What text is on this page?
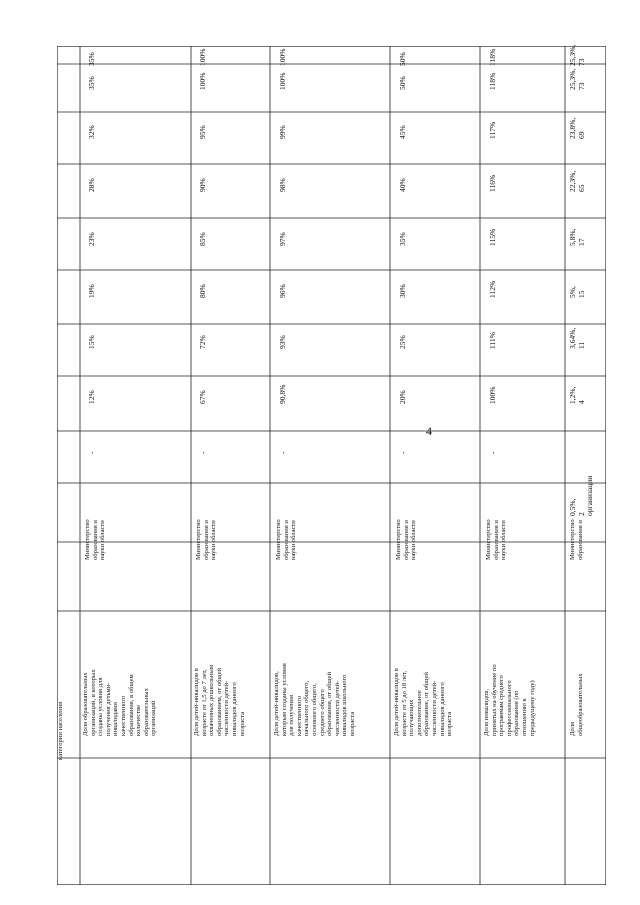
4
категории населения	Доля образовательных
организаций, в которых
созданы условия для
получения детьми-
инвалидами
качественного
образования, в общем
количестве
образовательных
организаций
Министерство
образования и
науки области
-
12%
15%
19%
23%
28%
32%
35%
35%
Доля детей-инвалидов в
возрасте от 1,5 до 7 лет,
охваченных дошкольным
образованием, от общей
численности детей-
инвалидов данного
возраста
Министерство
образования и
науки области
-
67%
72%
80%
85%
90%
95%
100%
100%
Доля детей-инвалидов,
которым созданы условия
для получения
качественного
начального общего,
основного общего,
среднего общего
образования, от общей
численности детей-
инвалидов школьного
возраста
Министерство
образования и
науки области
-
90,8%
93%
96%
97%
98%
99%
100%
100%
Доля детей-инвалидов в
возрасте от 5 до 18 лет,
получающих
дополнительное
образование, от общей
численности детей-
инвалидов данного
возраста
Министерство
образования и
науки области
-
20%
25%
30%
35%
40%
45%
50%
50%
Доля инвалидов,
принятых на обучение по
программам среднего
профессионального
образования (по
отношению к
предыдущему году)
Министерство
образования и
науки области
-
100%
111%
112%
115%
116%
117%
118%
118%
Доля
общеобразовательных
Министерство
образования и
0,5%,
2 организации
1,2%,
4
3,64%,
11
5%,
15
5,8%,
17
22,3%,
65
23,8%,
69
25,3%,
73
25,3%,
73
